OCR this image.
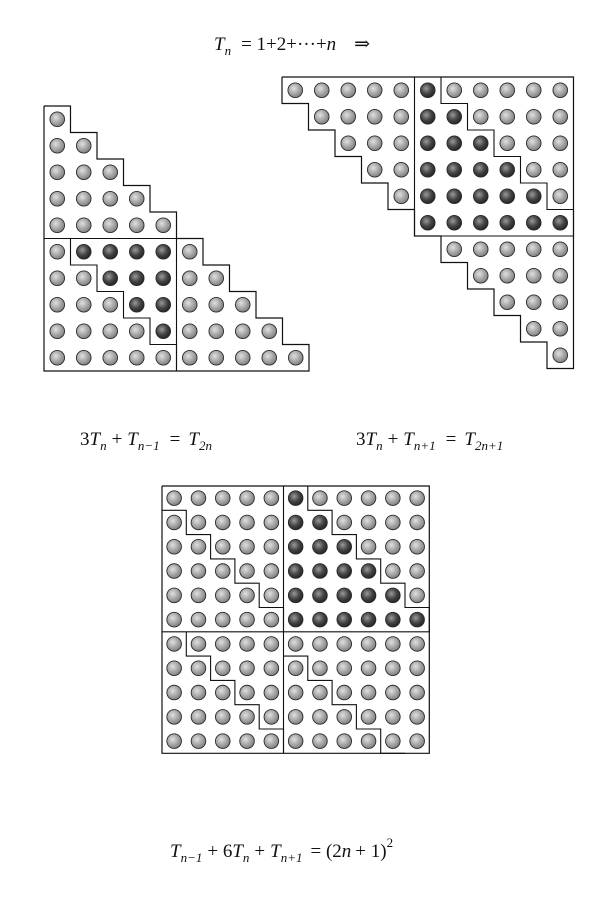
$T_n = 1+2+\cdot\cdot\cdot+n$ ⇒
$3T_n + T_{n-1} = T_{2n}$	$3T_n + T_{n+1} = T_{2n+1}$
$T_{n-1} + 6T_n + T_{n+1} = (2n + 1)^2$
